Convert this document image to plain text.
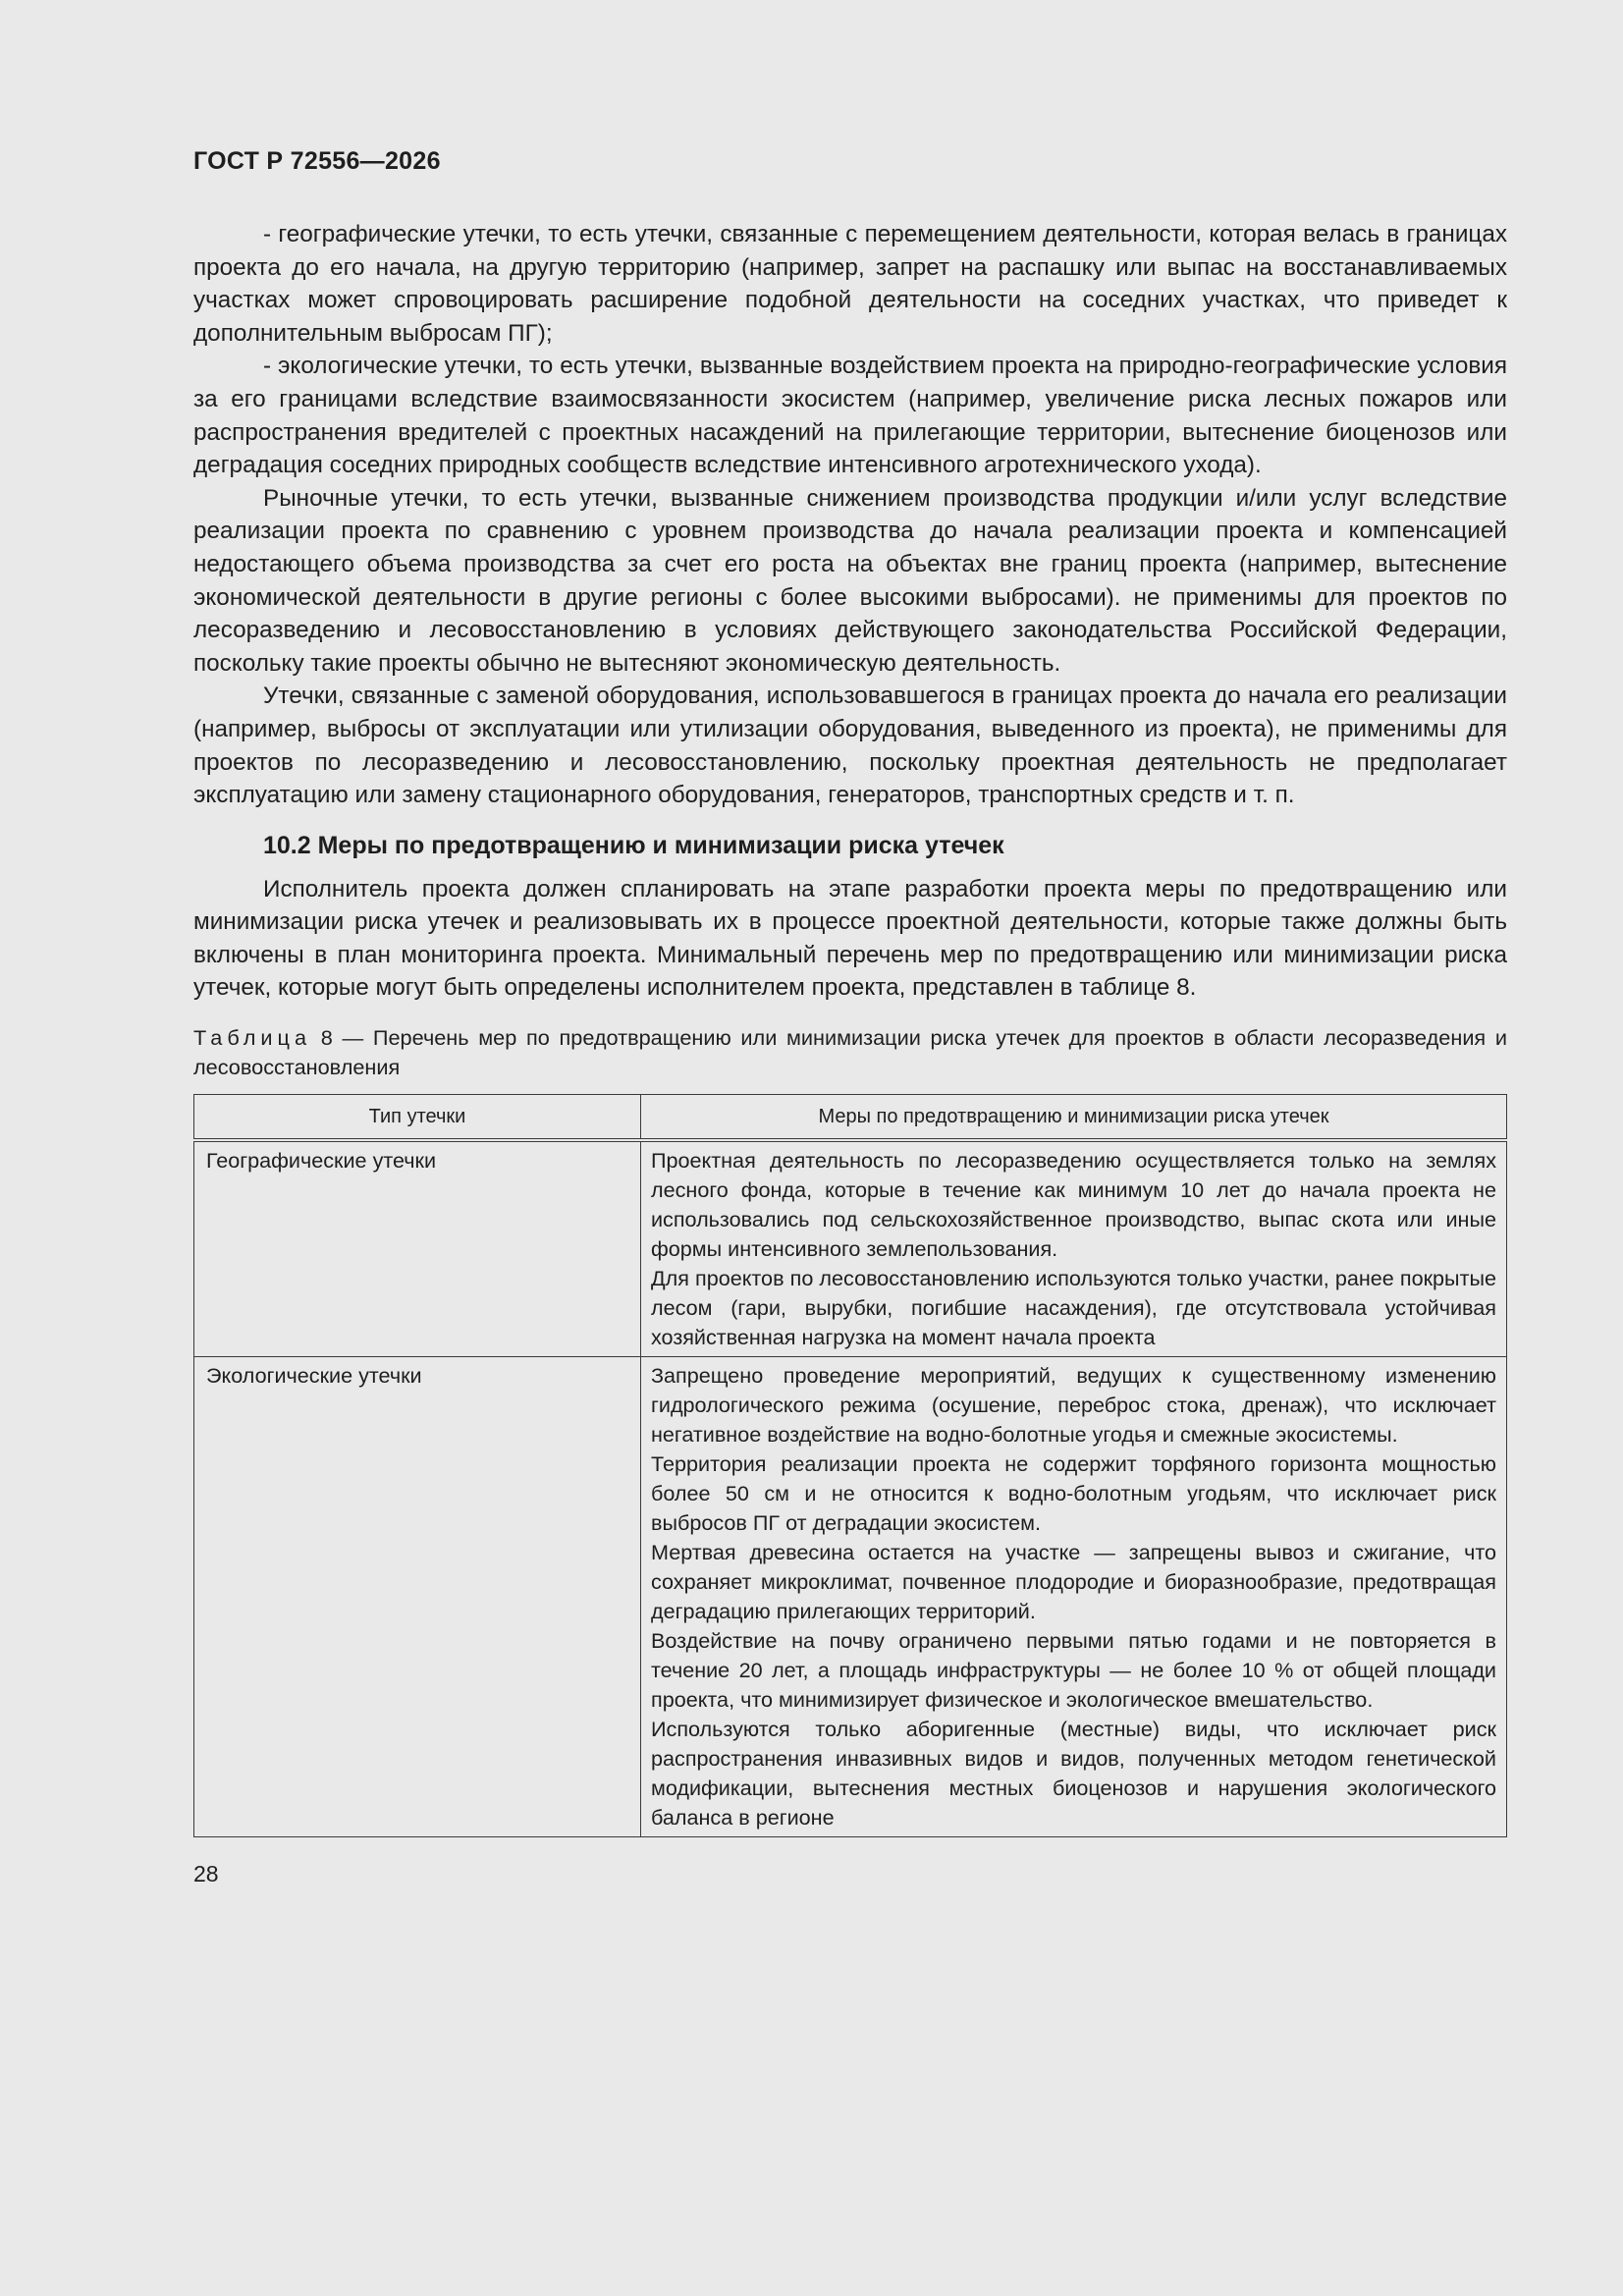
ГОСТ Р 72556—2026

- географические утечки, то есть утечки, связанные с перемещением деятельности, которая велась в границах проекта до его начала, на другую территорию (например, запрет на распашку или выпас на восстанавливаемых участках может спровоцировать расширение подобной деятельности на соседних участках, что приведет к дополнительным выбросам ПГ);

- экологические утечки, то есть утечки, вызванные воздействием проекта на природно-географические условия за его границами вследствие взаимосвязанности экосистем (например, увеличение риска лесных пожаров или распространения вредителей с проектных насаждений на прилегающие территории, вытеснение биоценозов или деградация соседних природных сообществ вследствие интенсивного агротехнического ухода).

Рыночные утечки, то есть утечки, вызванные снижением производства продукции и/или услуг вследствие реализации проекта по сравнению с уровнем производства до начала реализации проекта и компенсацией недостающего объема производства за счет его роста на объектах вне границ проекта (например, вытеснение экономической деятельности в другие регионы с более высокими выбросами). не применимы для проектов по лесоразведению и лесовосстановлению в условиях действующего законодательства Российской Федерации, поскольку такие проекты обычно не вытесняют экономическую деятельность.

Утечки, связанные с заменой оборудования, использовавшегося в границах проекта до начала его реализации (например, выбросы от эксплуатации или утилизации оборудования, выведенного из проекта), не применимы для проектов по лесоразведению и лесовосстановлению, поскольку проектная деятельность не предполагает эксплуатацию или замену стационарного оборудования, генераторов, транспортных средств и т. п.

10.2 Меры по предотвращению и минимизации риска утечек

Исполнитель проекта должен спланировать на этапе разработки проекта меры по предотвращению или минимизации риска утечек и реализовывать их в процессе проектной деятельности, которые также должны быть включены в план мониторинга проекта. Минимальный перечень мер по предотвращению или минимизации риска утечек, которые могут быть определены исполнителем проекта, представлен в таблице 8.

Таблица 8 — Перечень мер по предотвращению или минимизации риска утечек для проектов в области лесоразведения и лесовосстановления
Тип утечки	Меры по предотвращению и минимизации риска утечек
Географические утечки	Проектная деятельность по лесоразведению осуществляется только на землях лесного фонда, которые в течение как минимум 10 лет до начала проекта не использовались под сельскохозяйственное производство, выпас скота или иные формы интенсивного землепользования.

Для проектов по лесовосстановлению используются только участки, ранее покрытые лесом (гари, вырубки, погибшие насаждения), где отсутствовала устойчивая хозяйственная нагрузка на момент начала проекта

Экологические утечки	Запрещено проведение мероприятий, ведущих к существенному изменению гидрологического режима (осушение, переброс стока, дренаж), что исключает негативное воздействие на водно-болотные угодья и смежные экосистемы.

Территория реализации проекта не содержит торфяного горизонта мощностью более 50 см и не относится к водно-болотным угодьям, что исключает риск выбросов ПГ от деградации экосистем.

Мертвая древесина остается на участке — запрещены вывоз и сжигание, что сохраняет микроклимат, почвенное плодородие и биоразнообразие, предотвращая деградацию прилегающих территорий.

Воздействие на почву ограничено первыми пятью годами и не повторяется в течение 20 лет, а площадь инфраструктуры — не более 10 % от общей площади проекта, что минимизирует физическое и экологическое вмешательство.

Используются только аборигенные (местные) виды, что исключает риск распространения инвазивных видов и видов, полученных методом генетической модификации, вытеснения местных биоценозов и нарушения экологического баланса в регионе

28
